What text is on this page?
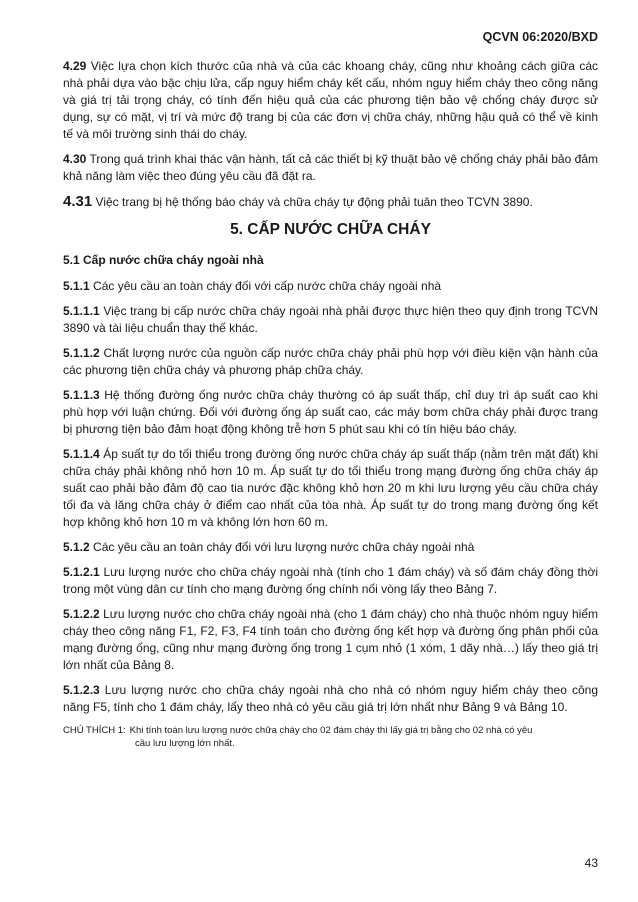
QCVN 06:2020/BXD

4.29 Việc lựa chọn kích thước của nhà và của các khoang cháy, cũng như khoảng cách giữa các nhà phải dựa vào bậc chịu lửa, cấp nguy hiểm cháy kết cấu, nhóm nguy hiểm cháy theo công năng và giá trị tải trọng cháy, có tính đến hiệu quả của các phương tiện bảo vệ chống cháy được sử dụng, sự có mặt, vị trí và mức độ trang bị của các đơn vị chữa cháy, những hậu quả có thể về kinh tế và môi trường sinh thái do cháy.

4.30 Trong quá trình khai thác vận hành, tất cả các thiết bị kỹ thuật bảo vệ chống cháy phải bảo đảm khả năng làm việc theo đúng yêu cầu đã đặt ra.

4.31 Việc trang bị hệ thống báo cháy và chữa cháy tự động phải tuân theo TCVN 3890.

5. CẤP NƯỚC CHỮA CHÁY
5.1 Cấp nước chữa cháy ngoài nhà

5.1.1 Các yêu cầu an toàn cháy đối với cấp nước chữa cháy ngoài nhà

5.1.1.1 Việc trang bị cấp nước chữa cháy ngoài nhà phải được thực hiện theo quy định trong TCVN 3890 và tài liệu chuẩn thay thế khác.

5.1.1.2 Chất lượng nước của nguồn cấp nước chữa cháy phải phù hợp với điều kiện vận hành của các phương tiện chữa cháy và phương pháp chữa cháy.

5.1.1.3 Hệ thống đường ống nước chữa cháy thường có áp suất thấp, chỉ duy trì áp suất cao khi phù hợp với luận chứng. Đối với đường ống áp suất cao, các máy bơm chữa cháy phải được trang bị phương tiện bảo đảm hoạt động không trễ hơn 5 phút sau khi có tín hiệu báo cháy.

5.1.1.4 Áp suất tự do tối thiểu trong đường ống nước chữa cháy áp suất thấp (nằm trên mặt đất) khi chữa cháy phải không nhỏ hơn 10 m. Áp suất tự do tối thiểu trong mạng đường ống chữa cháy áp suất cao phải bảo đảm độ cao tia nước đặc không khỏ hơn 20 m khi lưu lượng yêu cầu chữa cháy tối đa và lăng chữa cháy ở điểm cao nhất của tòa nhà. Áp suất tự do trong mạng đường ống kết hợp không khỏ hơn 10 m và không lớn hơn 60 m.

5.1.2 Các yêu cầu an toàn cháy đối với lưu lượng nước chữa cháy ngoài nhà

5.1.2.1 Lưu lượng nước cho chữa cháy ngoài nhà (tính cho 1 đám cháy) và số đám cháy đồng thời trong một vùng dân cư tính cho mạng đường ống chính nối vòng lấy theo Bảng 7.

5.1.2.2 Lưu lượng nước cho chữa cháy ngoài nhà (cho 1 đám cháy) cho nhà thuộc nhóm nguy hiểm cháy theo công năng F1, F2, F3, F4 tính toán cho đường ống kết hợp và đường ống phân phối của mạng đường ống, cũng như mạng đường ống trong 1 cụm nhỏ (1 xóm, 1 dãy nhà…) lấy theo giá trị lớn nhất của Bảng 8.

5.1.2.3 Lưu lượng nước cho chữa cháy ngoài nhà cho nhà có nhóm nguy hiểm cháy theo công năng F5, tính cho 1 đám cháy, lấy theo nhà có yêu cầu giá trị lớn nhất như Bảng 9 và Bảng 10.

CHÚ THÍCH 1: Khi tính toán lưu lượng nước chữa cháy cho 02 đám cháy thì lấy giá trị bằng cho 02 nhà có yêu
cầu lưu lượng lớn nhất.

43
